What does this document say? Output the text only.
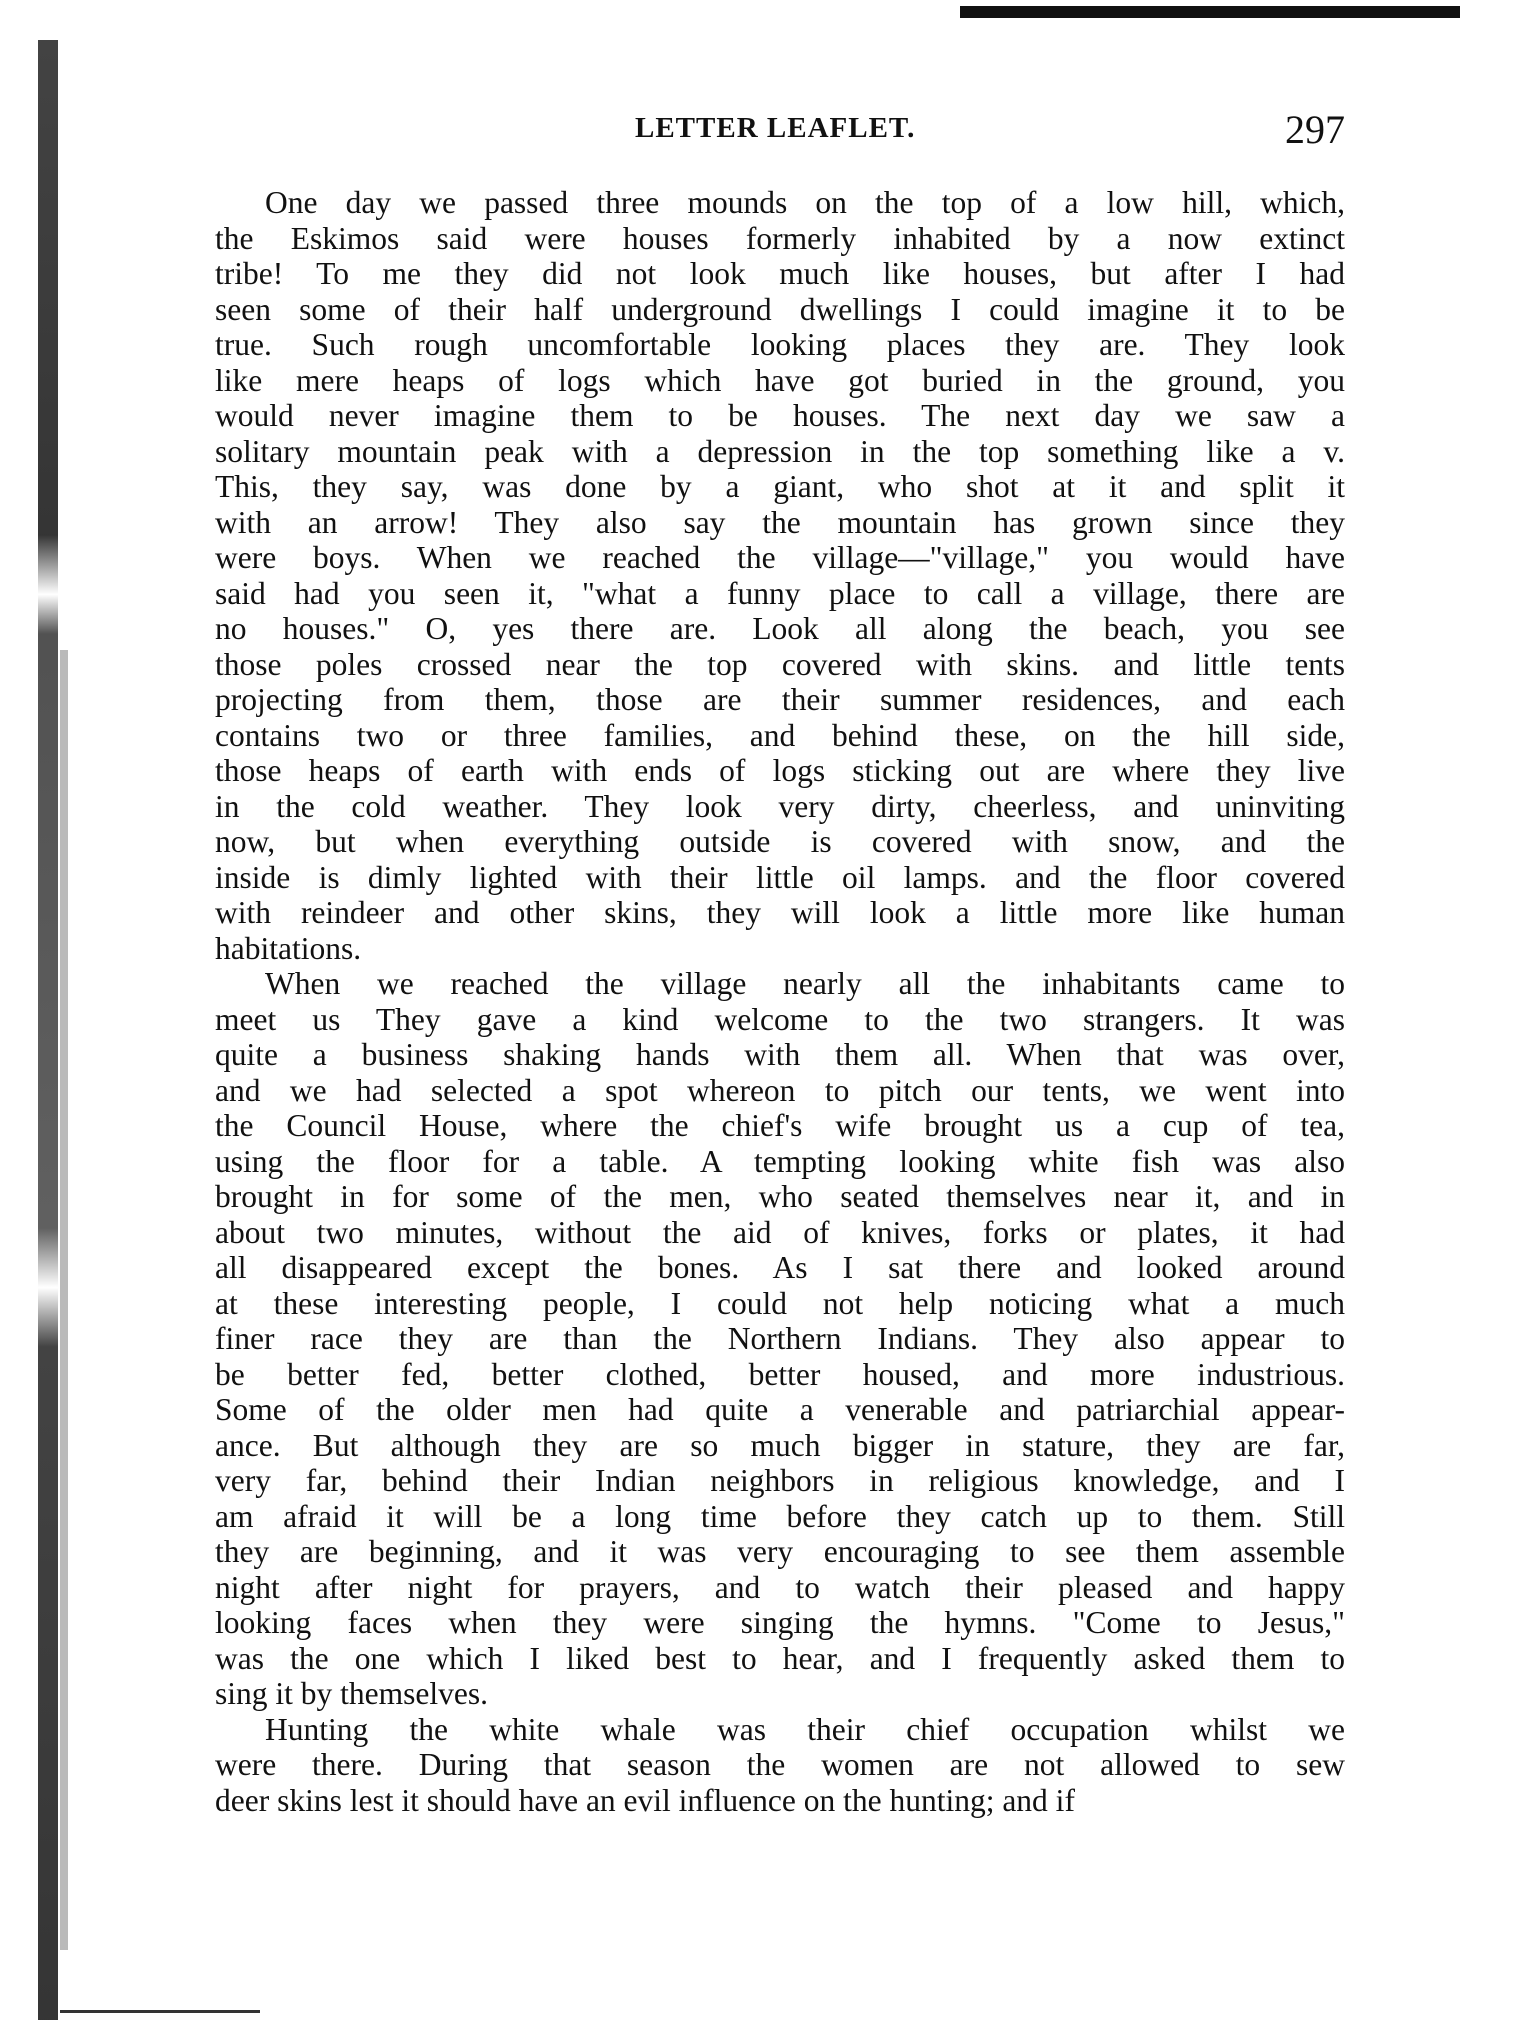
LETTER LEAFLET.	297
One day we passed three mounds on the top of a low hill, which,
the Eskimos said were houses formerly inhabited by a now extinct
tribe! To me they did not look much like houses, but after I had
seen some of their half underground dwellings I could imagine it to be
true. Such rough uncomfortable looking places they are. They look
like mere heaps of logs which have got buried in the ground, you
would never imagine them to be houses. The next day we saw a
solitary mountain peak with a depression in the top something like a v.
This, they say, was done by a giant, who shot at it and split it
with an arrow! They also say the mountain has grown since they
were boys. When we reached the village—"village," you would have
said had you seen it, "what a funny place to call a village, there are
no houses." O, yes there are. Look all along the beach, you see
those poles crossed near the top covered with skins. and little tents
projecting from them, those are their summer residences, and each
contains two or three families, and behind these, on the hill side,
those heaps of earth with ends of logs sticking out are where they live
in the cold weather. They look very dirty, cheerless, and uninviting
now, but when everything outside is covered with snow, and the
inside is dimly lighted with their little oil lamps. and the floor covered
with reindeer and other skins, they will look a little more like human
habitations.
When we reached the village nearly all the inhabitants came to
meet us They gave a kind welcome to the two strangers. It was
quite a business shaking hands with them all. When that was over,
and we had selected a spot whereon to pitch our tents, we went into
the Council House, where the chief's wife brought us a cup of tea,
using the floor for a table. A tempting looking white fish was also
brought in for some of the men, who seated themselves near it, and in
about two minutes, without the aid of knives, forks or plates, it had
all disappeared except the bones. As I sat there and looked around
at these interesting people, I could not help noticing what a much
finer race they are than the Northern Indians. They also appear to
be better fed, better clothed, better housed, and more industrious.
Some of the older men had quite a venerable and patriarchial appear-
ance. But although they are so much bigger in stature, they are far,
very far, behind their Indian neighbors in religious knowledge, and I
am afraid it will be a long time before they catch up to them. Still
they are beginning, and it was very encouraging to see them assemble
night after night for prayers, and to watch their pleased and happy
looking faces when they were singing the hymns. "Come to Jesus,"
was the one which I liked best to hear, and I frequently asked them to
sing it by themselves.
Hunting the white whale was their chief occupation whilst we
were there. During that season the women are not allowed to sew
deer skins lest it should have an evil influence on the hunting; and if
